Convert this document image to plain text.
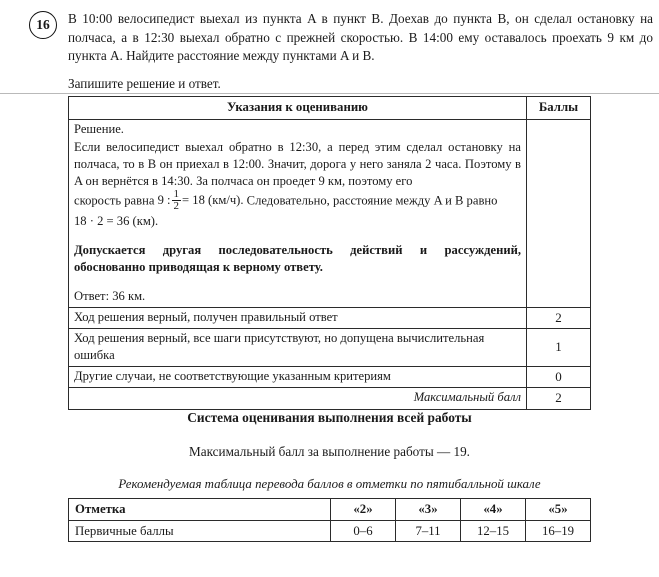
16	В 10:00 велосипедист выехал из пункта A в пункт B. Доехав до пункта B, он сделал остановку на полчаса, а в 12:30 выехал обратно с прежней скоростью. В 14:00 ему оставалось проехать 9 км до пункта A. Найдите расстояние между пунктами A и B.

Запишите решение и ответ.

Указания к оцениванию	Баллы

Решение.
Если велосипедист выехал обратно в 12:30, а перед этим сделал остановку на полчаса, то в B он приехал в 12:00. Значит, дорога у него заняла 2 часа. Поэтому в A он вернётся в 14:30. За полчаса он проедет 9 км, поэтому его
скорость равна 9 : $\frac{1}{2} = 18$ (км/ч). Следовательно, расстояние между A и B равно
18 · 2 = 36 (км).
Допускается другая последовательность действий и рассуждений, обоснованно приводящая к верному ответу.
Ответ: 36 км.

Ход решения верный, получен правильный ответ	2
Ход решения верный, все шаги присутствуют, но допущена вычислительная ошибка	1
Другие случаи, не соответствующие указанным критериям	0
Максимальный балл	2
Система оценивания выполнения всей работы
Максимальный балл за выполнение работы — 19.
Рекомендуемая таблица перевода баллов в отметки по пятибалльной шкале
Отметка	«2»	«3»	«4»	«5»
Первичные баллы	0–6	7–11	12–15	16–19
